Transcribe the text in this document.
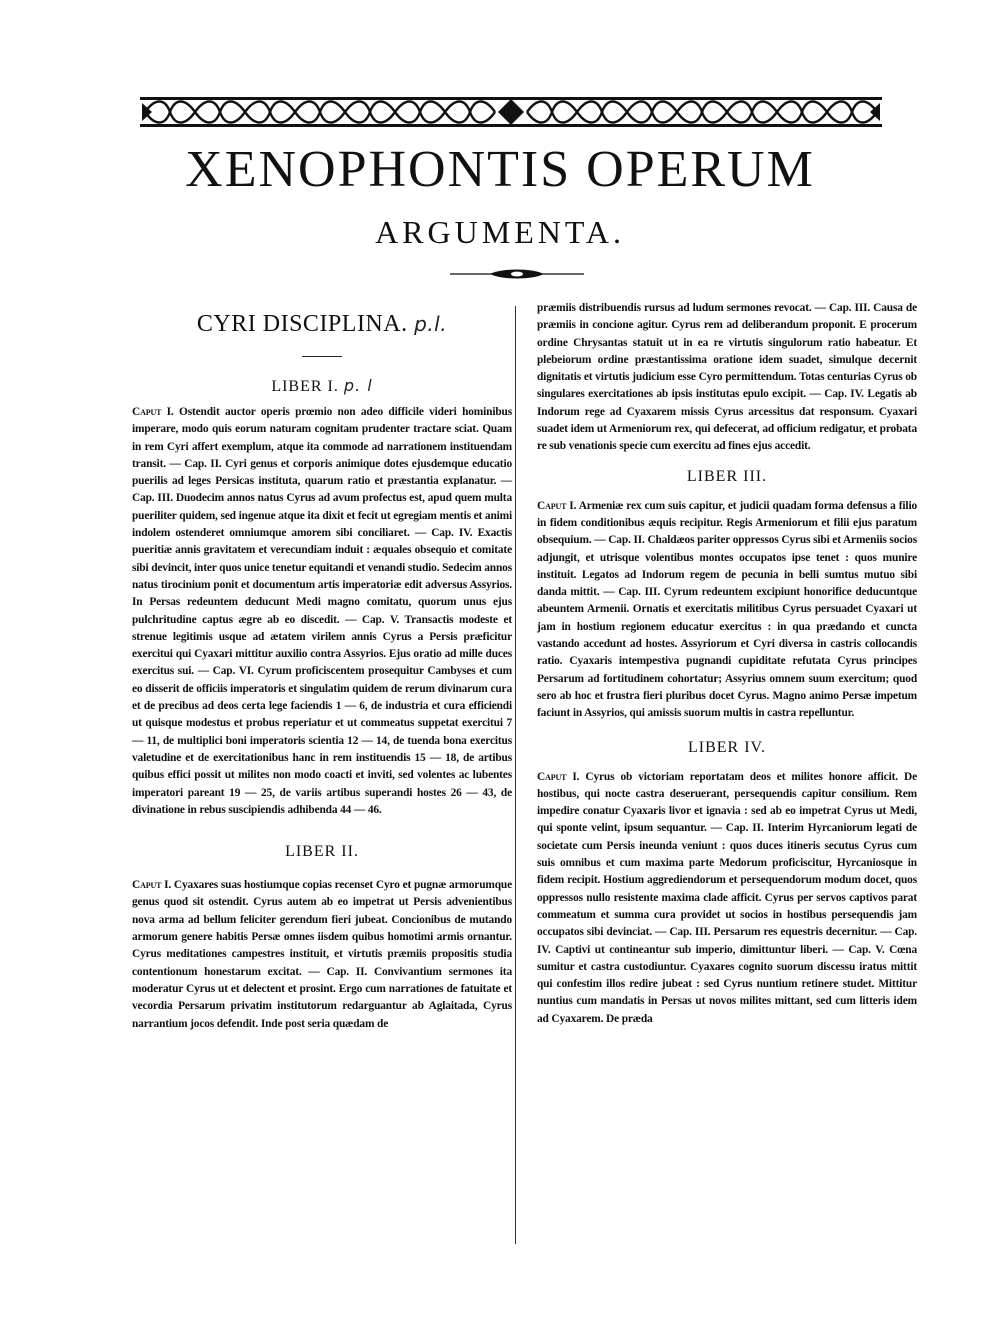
XENOPHONTIS OPERUM
ARGUMENTA.
CYRI DISCIPLINA. p.l.
LIBER I. p. l

Caput I. Ostendit auctor operis prœmio non adeo difficile videri hominibus imperare, modo quis eorum naturam cognitam prudenter tractare sciat. Quam in rem Cyri affert exemplum, atque ita commode ad narrationem instituendam transit. — Cap. II. Cyri genus et corporis animique dotes ejusdemque educatio puerilis ad leges Persicas instituta, quarum ratio et præstantia explanatur. — Cap. III. Duodecim annos natus Cyrus ad avum profectus est, apud quem multa pueriliter quidem, sed ingenue atque ita dixit et fecit ut egregiam mentis et animi indolem ostenderet omniumque amorem sibi conciliaret. — Cap. IV. Exactis pueritiæ annis gravitatem et verecundiam induit : æquales obsequio et comitate sibi devincit, inter quos unice tenetur equitandi et venandi studio. Sedecim annos natus tirocinium ponit et documentum artis imperatoriæ edit adversus Assyrios. In Persas redeuntem deducunt Medi magno comitatu, quorum unus ejus pulchritudine captus ægre ab eo discedit. — Cap. V. Transactis modeste et strenue legitimis usque ad ætatem virilem annis Cyrus a Persis præficitur exercitui qui Cyaxari mittitur auxilio contra Assyrios. Ejus oratio ad mille duces exercitus sui. — Cap. VI. Cyrum proficiscentem prosequitur Cambyses et cum eo disserit de officiis imperatoris et singulatim quidem de rerum divinarum cura et de precibus ad deos certa lege faciendis 1 — 6, de industria et cura efficiendi ut quisque modestus et probus reperiatur et ut commeatus suppetat exercitui 7 — 11, de multiplici boni imperatoris scientia 12 — 14, de tuenda bona exercitus valetudine et de exercitationibus hanc in rem instituendis 15 — 18, de artibus quibus effici possit ut milites non modo coacti et inviti, sed volentes ac lubentes imperatori pareant 19 — 25, de variis artibus superandi hostes 26 — 43, de divinatione in rebus suscipiendis adhibenda 44 — 46.

LIBER II.

Caput I. Cyaxares suas hostiumque copias recenset Cyro et pugnæ armorumque genus quod sit ostendit. Cyrus autem ab eo impetrat ut Persis advenientibus nova arma ad bellum feliciter gerendum fieri jubeat. Concionibus de mutando armorum genere habitis Persæ omnes iisdem quibus homotimi armis ornantur. Cyrus meditationes campestres instituit, et virtutis præmiis propositis studia contentionum honestarum excitat. — Cap. II. Convivantium sermones ita moderatur Cyrus ut et delectent et prosint. Ergo cum narrationes de fatuitate et vecordia Persarum privatim institutorum redarguantur ab Aglaitada, Cyrus narrantium jocos defendit. Inde post seria quædam de

præmiis distribuendis rursus ad ludum sermones revocat. — Cap. III. Causa de præmiis in concione agitur. Cyrus rem ad deliberandum proponit. E procerum ordine Chrysantas statuit ut in ea re virtutis singulorum ratio habeatur. Et plebeiorum ordine præstantissima oratione idem suadet, simulque decernit dignitatis et virtutis judicium esse Cyro permittendum. Totas centurias Cyrus ob singulares exercitationes ab ipsis institutas epulo excipit. — Cap. IV. Legatis ab Indorum rege ad Cyaxarem missis Cyrus arcessitus dat responsum. Cyaxari suadet idem ut Armeniorum rex, qui defecerat, ad officium redigatur, et probata re sub venationis specie cum exercitu ad fines ejus accedit.

LIBER III.

Caput I. Armeniæ rex cum suis capitur, et judicii quadam forma defensus a filio in fidem conditionibus æquis recipitur. Regis Armeniorum et filii ejus paratum obsequium. — Cap. II. Chaldæos pariter oppressos Cyrus sibi et Armeniis socios adjungit, et utrisque volentibus montes occupatos ipse tenet : quos munire instituit. Legatos ad Indorum regem de pecunia in belli sumtus mutuo sibi danda mittit. — Cap. III. Cyrum redeuntem excipiunt honorifice deducuntque abeuntem Armenii. Ornatis et exercitatis militibus Cyrus persuadet Cyaxari ut jam in hostium regionem educatur exercitus : in qua prædando et cuncta vastando accedunt ad hostes. Assyriorum et Cyri diversa in castris collocandis ratio. Cyaxaris intempestiva pugnandi cupiditate refutata Cyrus principes Persarum ad fortitudinem cohortatur; Assyrius omnem suum exercitum; quod sero ab hoc et frustra fieri pluribus docet Cyrus. Magno animo Persæ impetum faciunt in Assyrios, qui amissis suorum multis in castra repelluntur.

LIBER IV.

Caput I. Cyrus ob victoriam reportatam deos et milites honore afficit. De hostibus, qui nocte castra deseruerant, persequendis capitur consilium. Rem impedire conatur Cyaxaris livor et ignavia : sed ab eo impetrat Cyrus ut Medi, qui sponte velint, ipsum sequantur. — Cap. II. Interim Hyrcaniorum legati de societate cum Persis ineunda veniunt : quos duces itineris secutus Cyrus cum suis omnibus et cum maxima parte Medorum proficiscitur, Hyrcaniosque in fidem recipit. Hostium aggrediendorum et persequendorum modum docet, quos oppressos nullo resistente maxima clade afficit. Cyrus per servos captivos parat commeatum et summa cura providet ut socios in hostibus persequendis jam occupatos sibi devinciat. — Cap. III. Persarum res equestris decernitur. — Cap. IV. Captivi ut contineantur sub imperio, dimittuntur liberi. — Cap. V. Cœna sumitur et castra custodiuntur. Cyaxares cognito suorum discessu iratus mittit qui confestim illos redire jubeat : sed Cyrus nuntium retinere studet. Mittitur nuntius cum mandatis in Persas ut novos milites mittant, sed cum litteris idem ad Cyaxarem. De præda
